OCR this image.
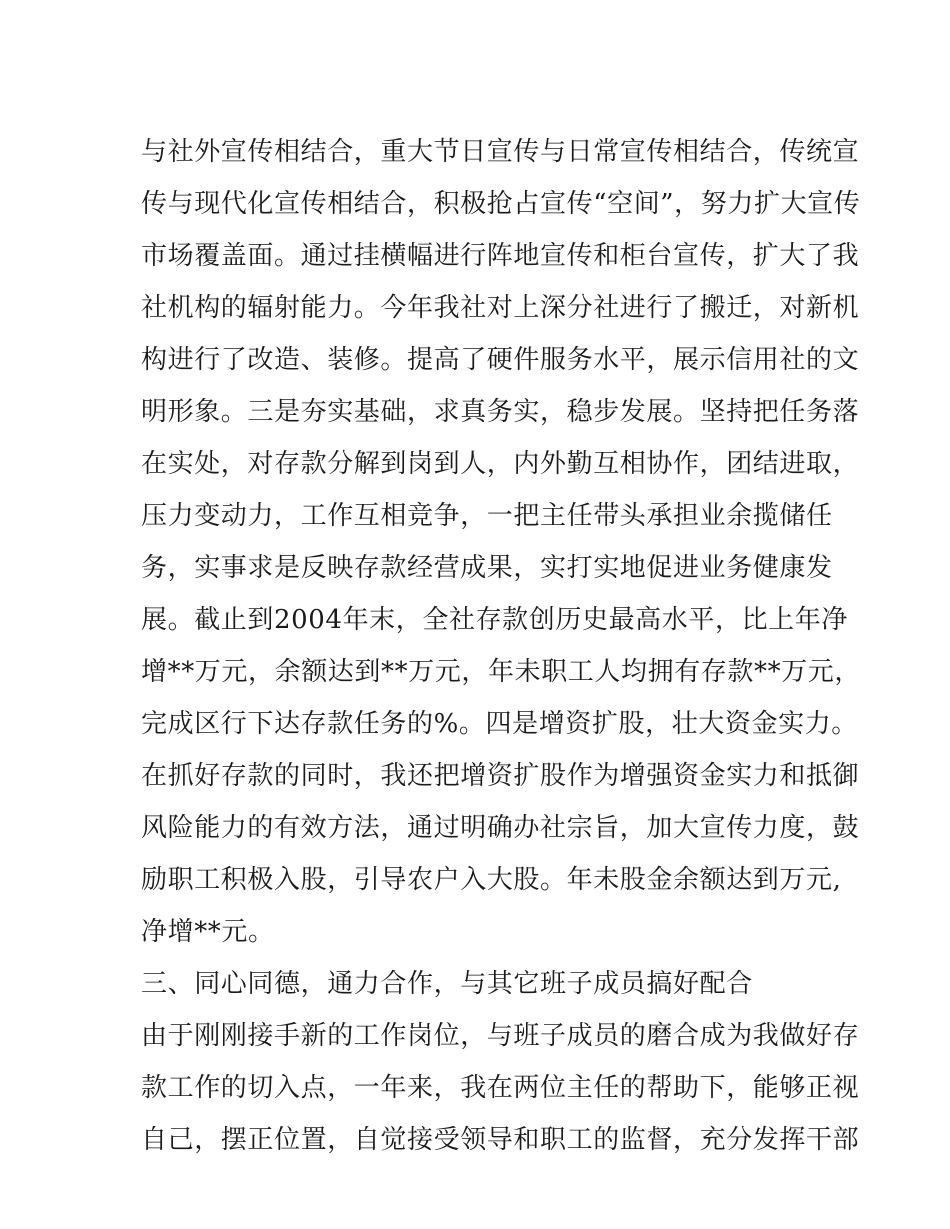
与社外宣传相结合，重大节日宣传与日常宣传相结合，传统宣
传与现代化宣传相结合，积极抢占宣传“空间”，努力扩大宣传
市场覆盖面。通过挂横幅进行阵地宣传和柜台宣传，扩大了我
社机构的辐射能力。今年我社对上深分社进行了搬迁，对新机
构进行了改造、装修。提高了硬件服务水平，展示信用社的文
明形象。三是夯实基础，求真务实，稳步发展。坚持把任务落
在实处，对存款分解到岗到人，内外勤互相协作，团结进取，
压力变动力，工作互相竞争，一把主任带头承担业余揽储任
务，实事求是反映存款经营成果，实打实地促进业务健康发
展。截止到2004年末，全社存款创历史最高水平，比上年净
增**万元，余额达到**万元，年未职工人均拥有存款**万元，
完成区行下达存款任务的%。四是增资扩股，壮大资金实力。
在抓好存款的同时，我还把增资扩股作为增强资金实力和抵御
风险能力的有效方法，通过明确办社宗旨，加大宣传力度，鼓
励职工积极入股，引导农户入大股。年未股金余额达到万元,
净增**元。
三、同心同德，通力合作，与其它班子成员搞好配合
由于刚刚接手新的工作岗位，与班子成员的磨合成为我做好存
款工作的切入点，一年来，我在两位主任的帮助下，能够正视
自己，摆正位置，自觉接受领导和职工的监督，充分发挥干部
